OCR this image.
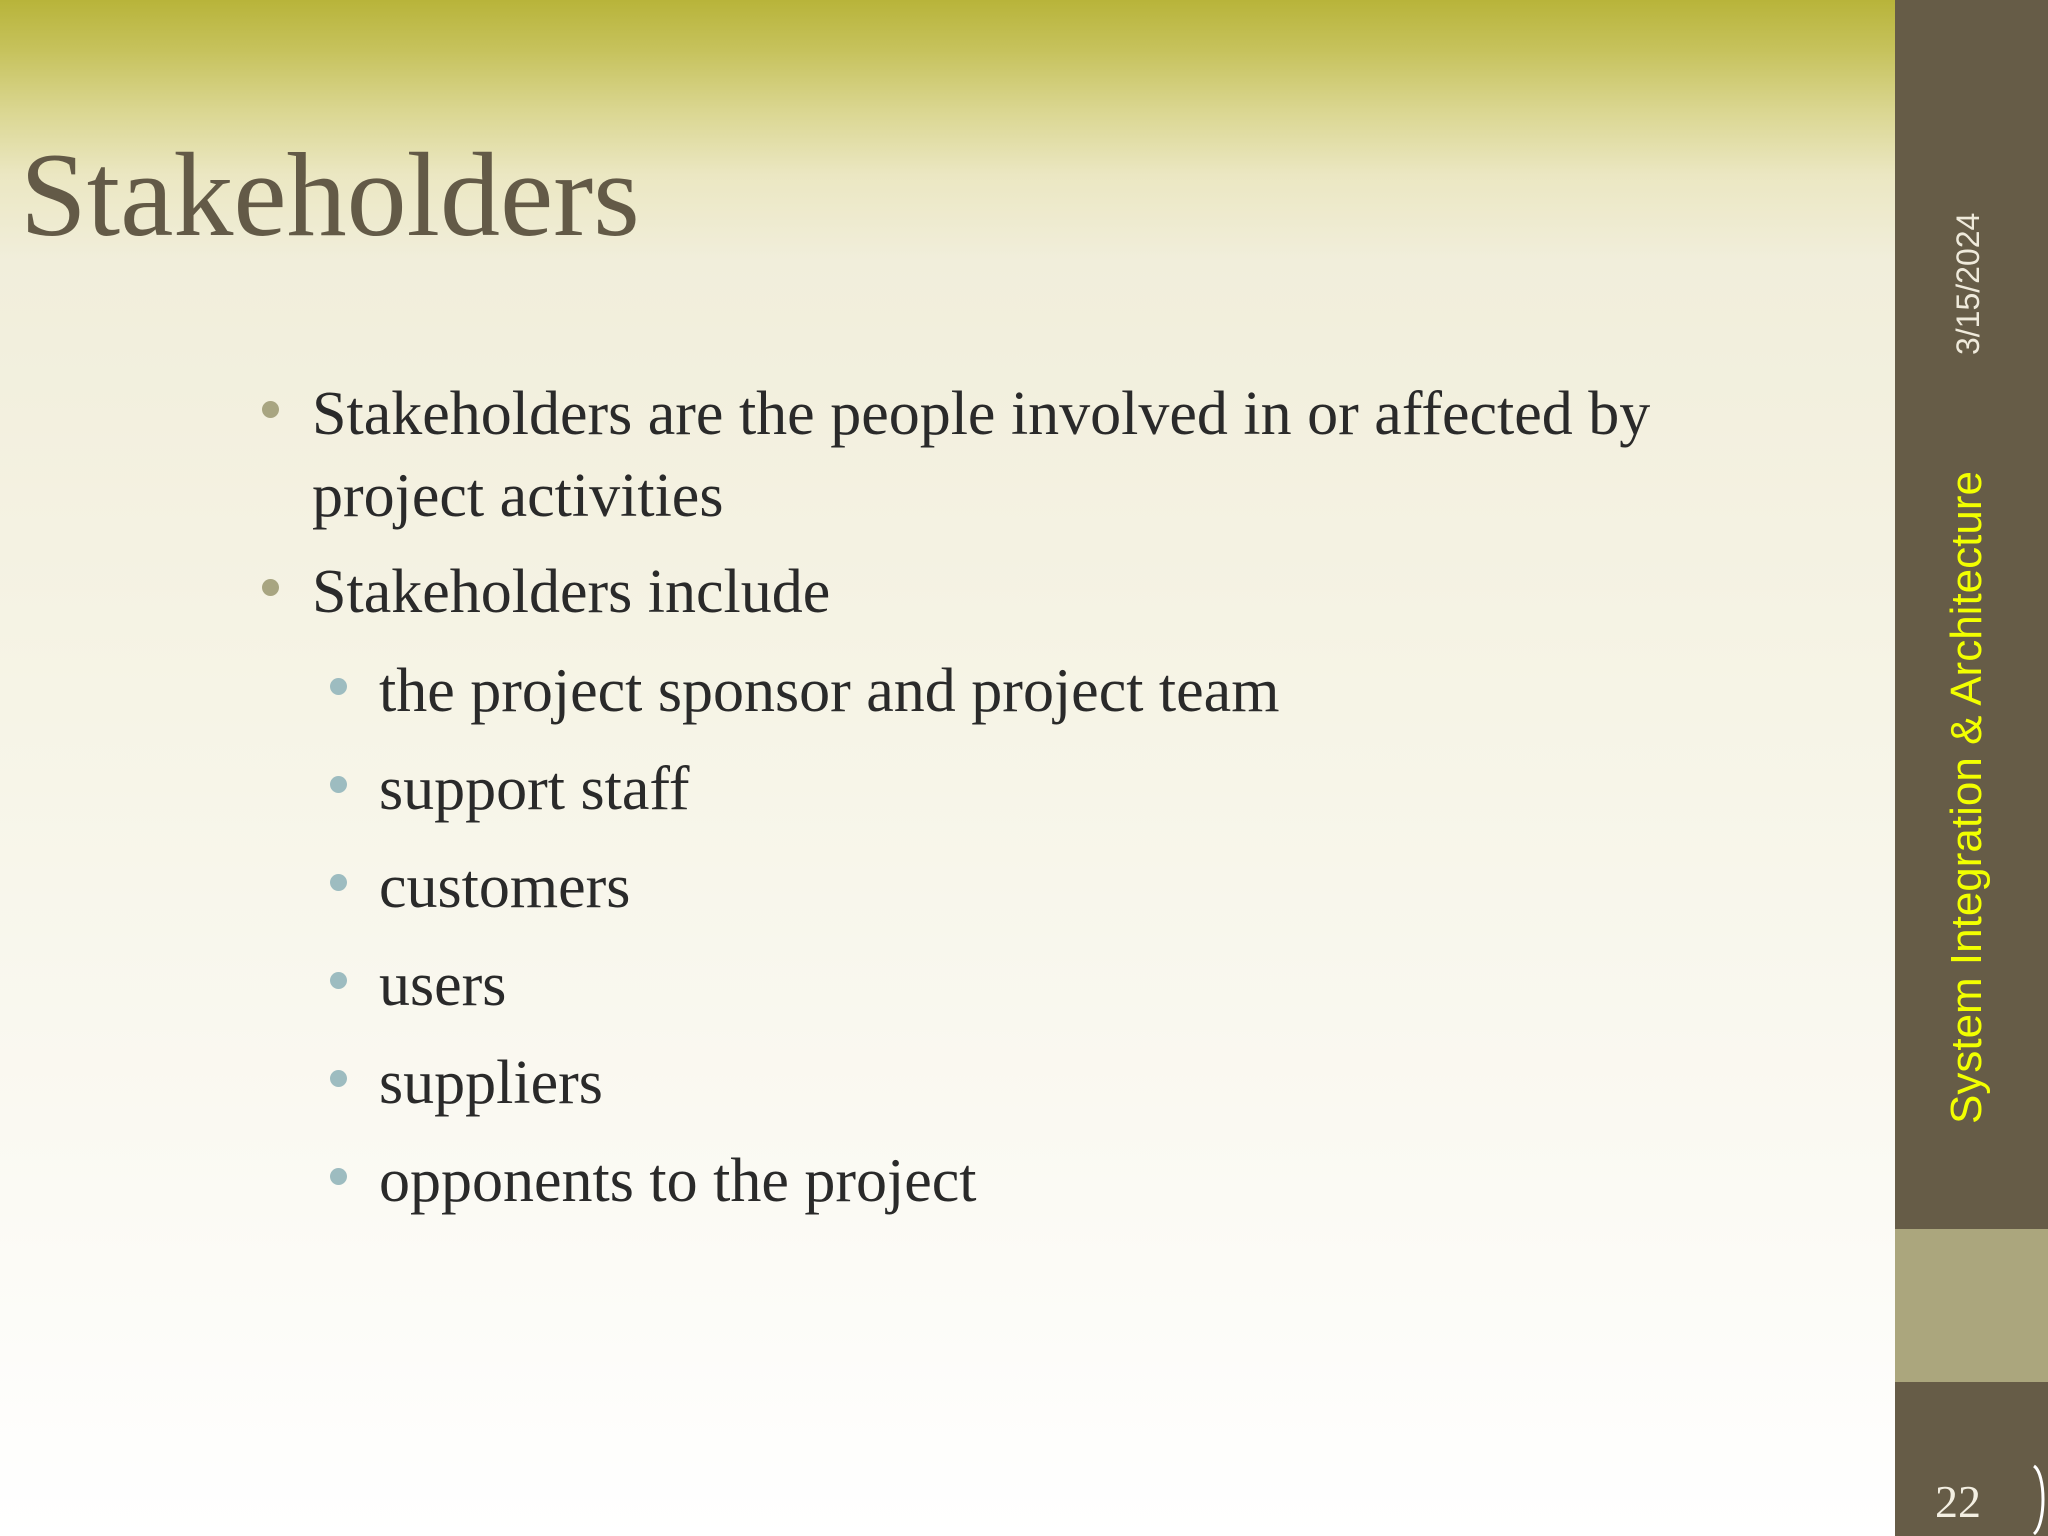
Stakeholders
Stakeholders are the people involved in or affected by
project activities
Stakeholders include
the project sponsor and project team
support staff
customers
users
suppliers
opponents to the project
3/15/2024
System Integration & Architecture
22
